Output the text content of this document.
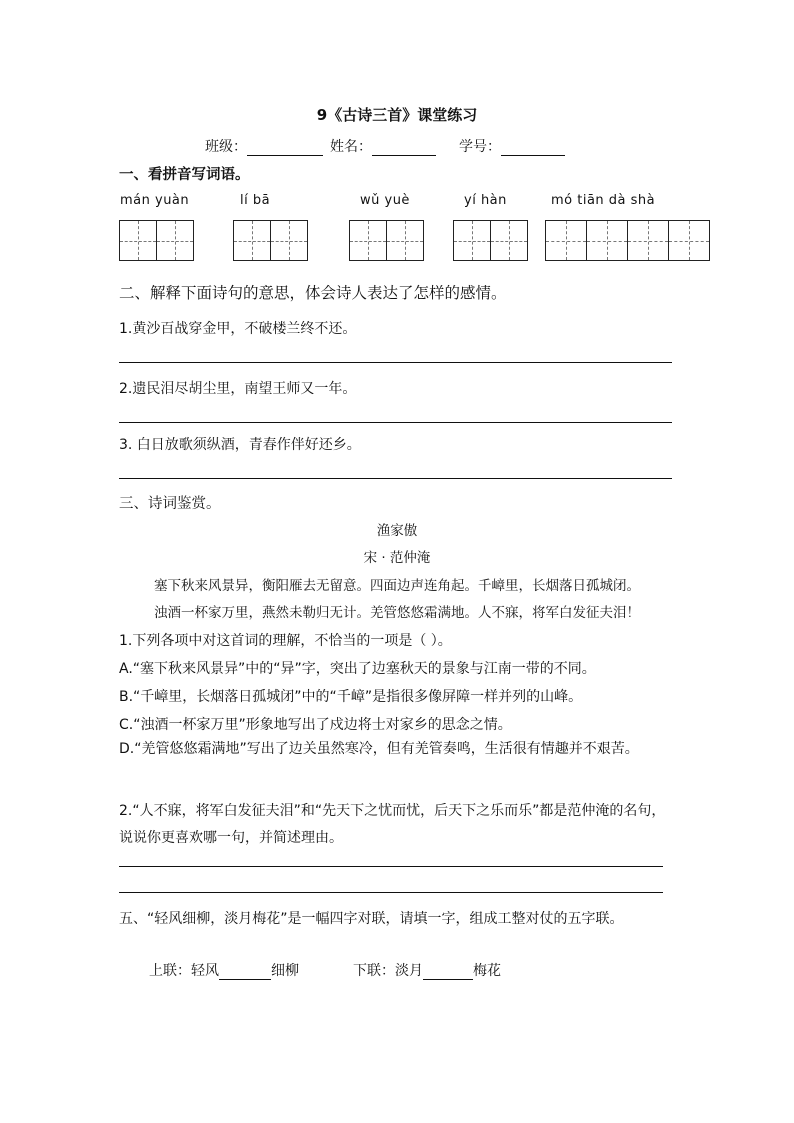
9《古诗三首》课堂练习
班级：	姓名：	学号：
一、看拼音写词语。
mán yuàn	lí bā	wǔ yuè	yí hàn	mó tiān dà shà
二、解释下面诗句的意思，体会诗人表达了怎样的感情。
1.黄沙百战穿金甲，不破楼兰终不还。
2.遗民泪尽胡尘里，南望王师又一年。
3. 白日放歌须纵酒，青春作伴好还乡。
三、诗词鉴赏。
渔家傲
宋 · 范仲淹
塞下秋来风景异，衡阳雁去无留意。四面边声连角起。千嶂里，长烟落日孤城闭。
浊酒一杯家万里，燕然未勒归无计。羌管悠悠霜满地。人不寐，将军白发征夫泪！
1.下列各项中对这首词的理解，不恰当的一项是（ ）。
A.“塞下秋来风景异”中的“异”字，突出了边塞秋天的景象与江南一带的不同。
B.“千嶂里，长烟落日孤城闭”中的“千嶂”是指很多像屏障一样并列的山峰。
C.“浊酒一杯家万里”形象地写出了戍边将士对家乡的思念之情。
D.“羌管悠悠霜满地”写出了边关虽然寒冷，但有羌管奏鸣，生活很有情趣并不艰苦。
2.“人不寐，将军白发征夫泪”和“先天下之忧而忧，后天下之乐而乐”都是范仲淹的名句，说说你更喜欢哪一句，并简述理由。
五、“轻风细柳，淡月梅花”是一幅四字对联，请填一字，组成工整对仗的五字联。
上联：轻风	细柳	下联：淡月	梅花
